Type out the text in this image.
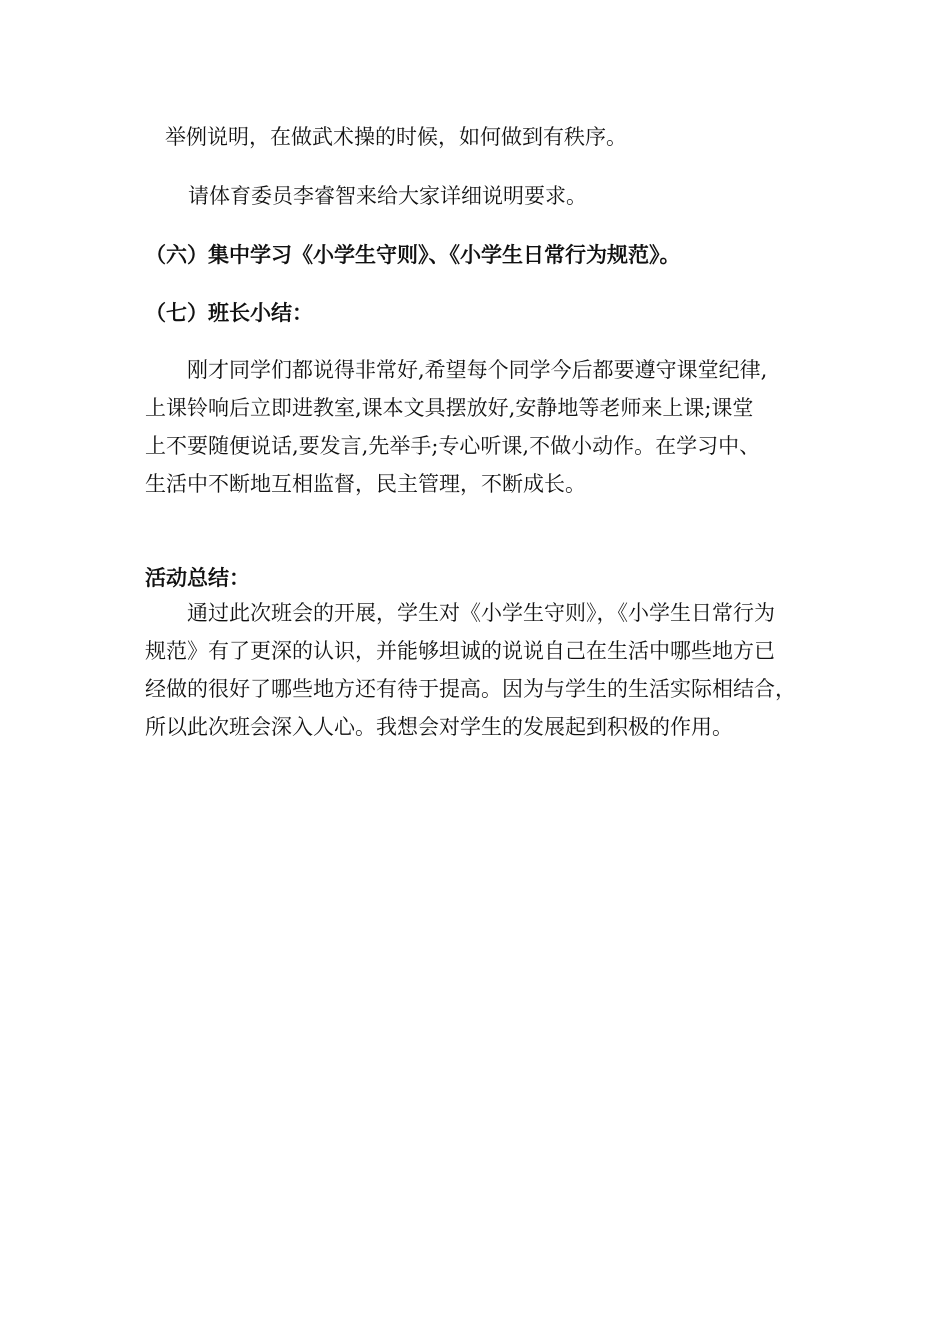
举例说明，在做武术操的时候，如何做到有秩序。
请体育委员李睿智来给大家详细说明要求。
（六）集中学习《小学生守则》、《小学生日常行为规范》。
（七）班长小结：
刚才同学们都说得非常好,希望每个同学今后都要遵守课堂纪律,
上课铃响后立即进教室,课本文具摆放好,安静地等老师来上课;课堂
上不要随便说话,要发言,先举手;专心听课,不做小动作。在学习中、
生活中不断地互相监督，民主管理，不断成长。
活动总结：
通过此次班会的开展，学生对《小学生守则》，《小学生日常行为
规范》有了更深的认识，并能够坦诚的说说自己在生活中哪些地方已
经做的很好了哪些地方还有待于提高。因为与学生的生活实际相结合，
所以此次班会深入人心。我想会对学生的发展起到积极的作用。
